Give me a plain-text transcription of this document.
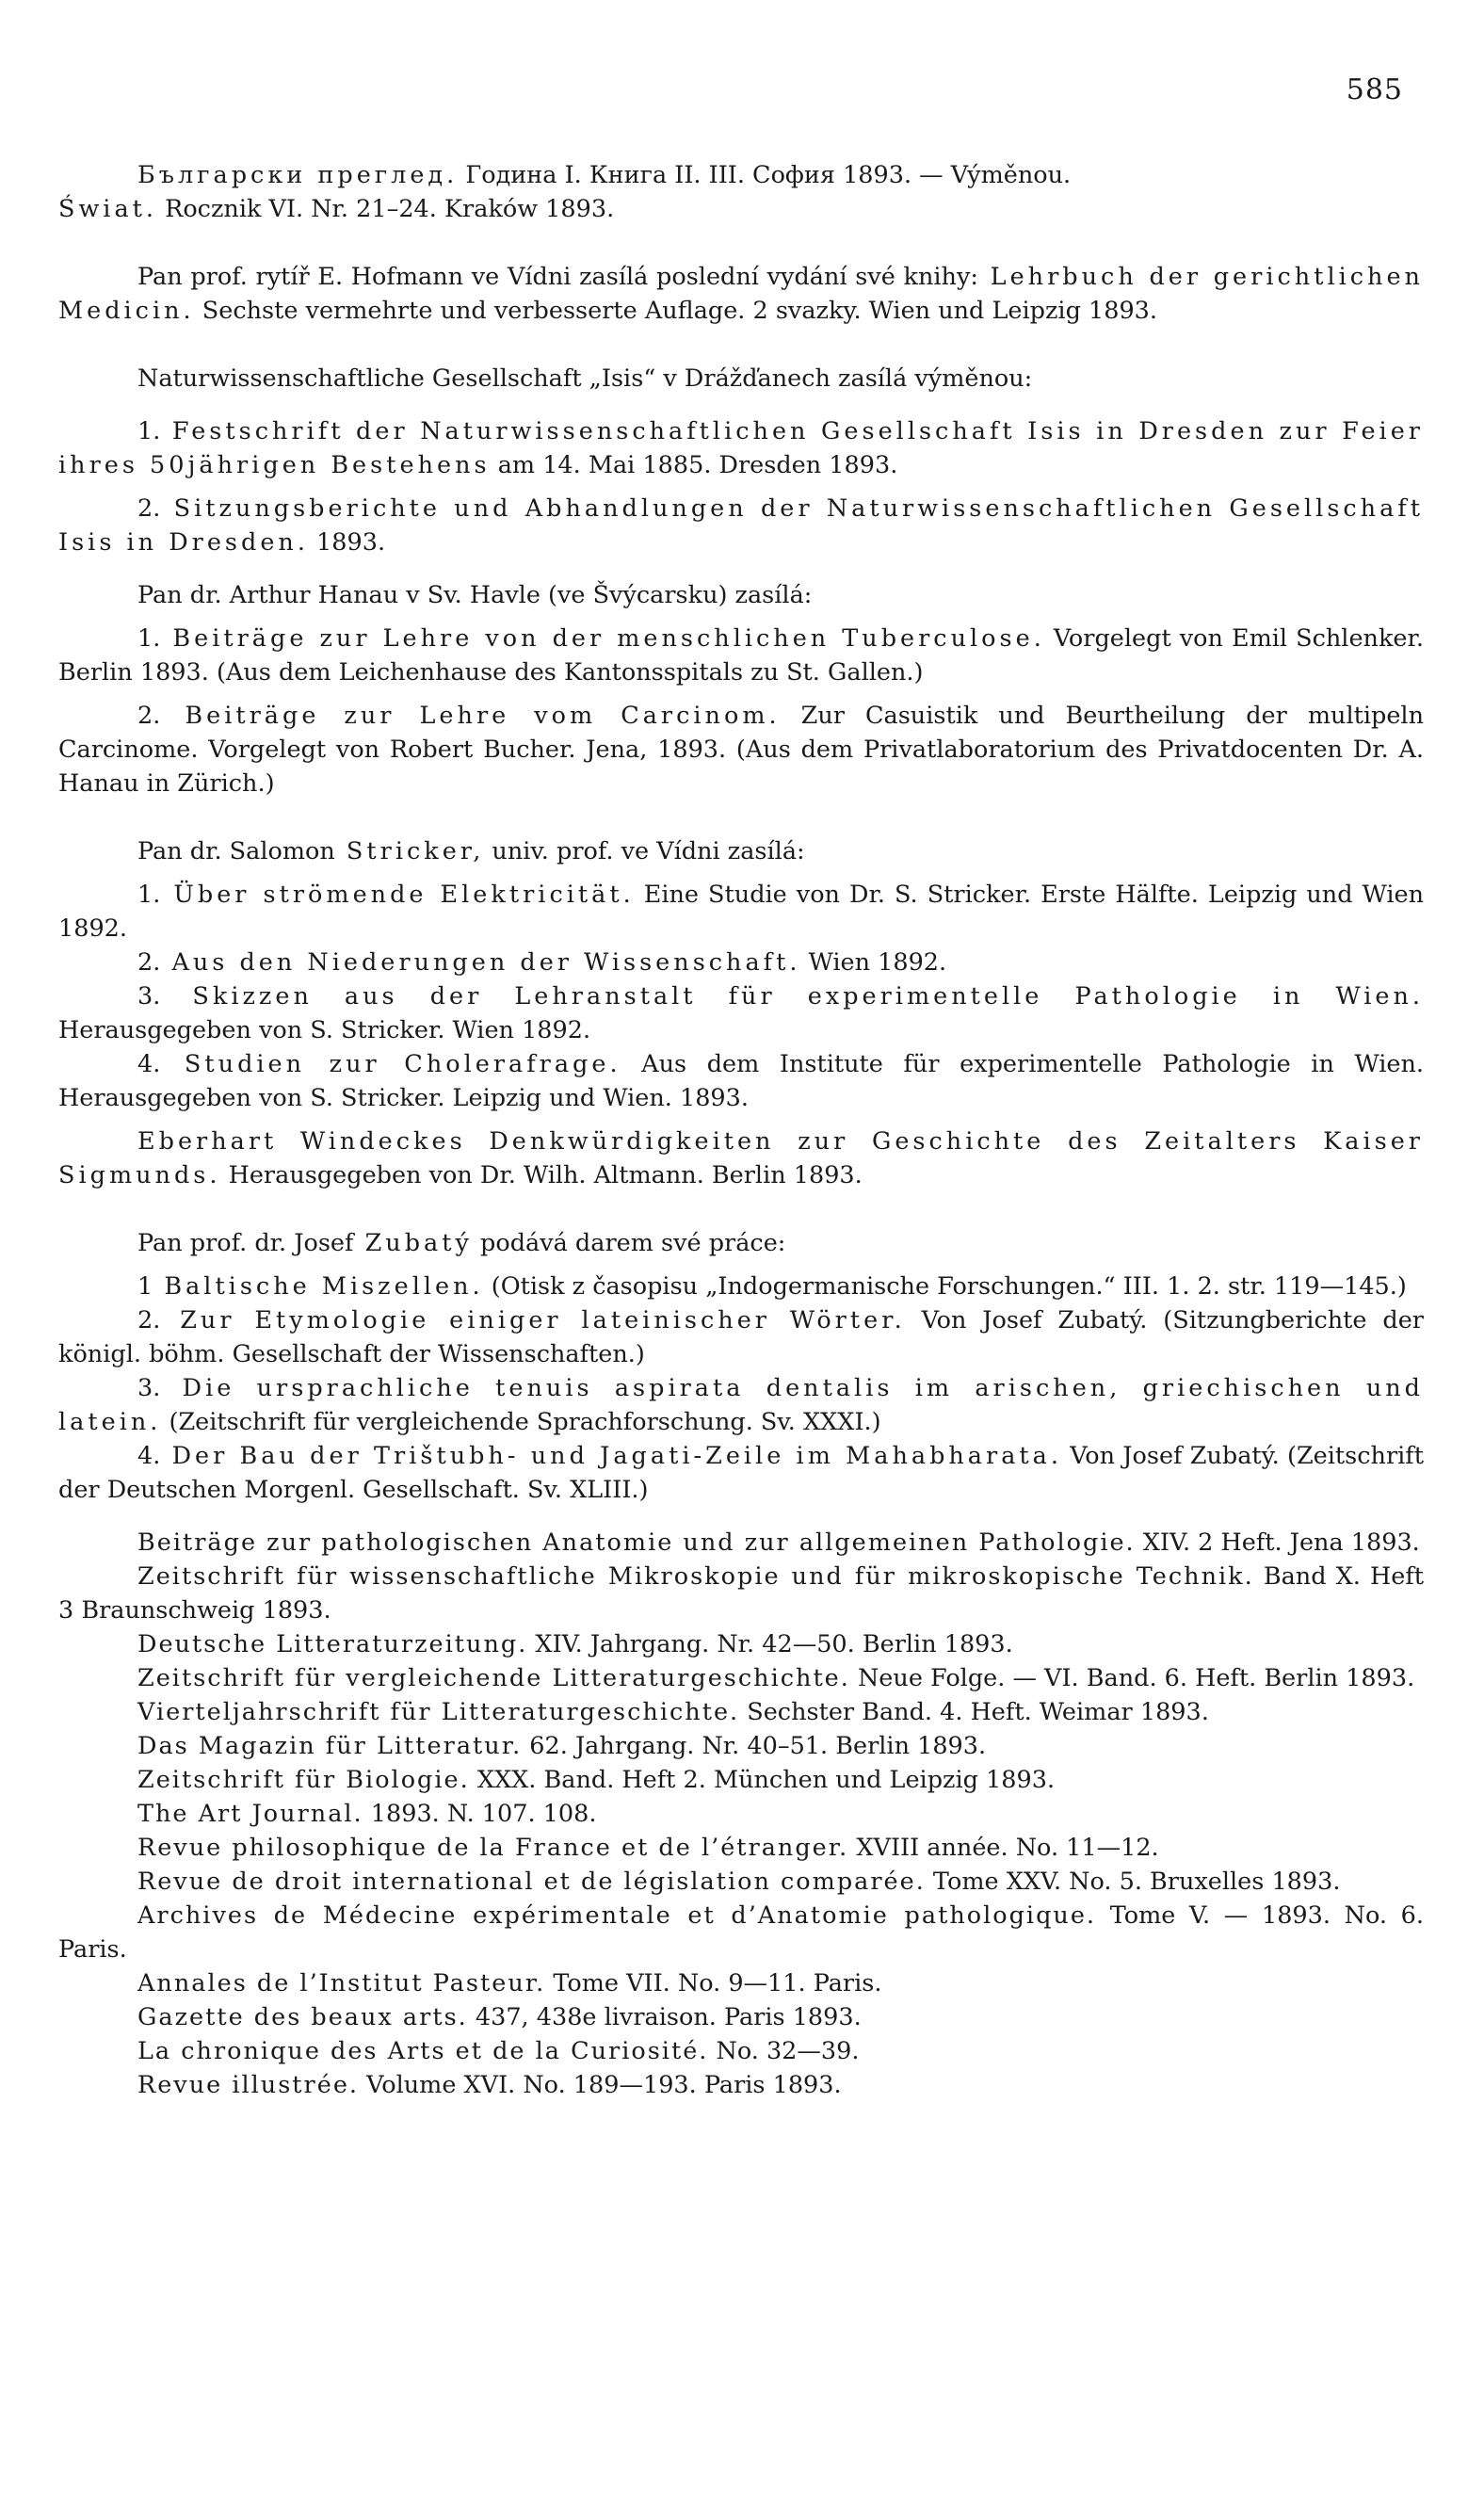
585

Български преглед. Година I. Книга II. III. София 1893. — Výměnou.

Świat. Rocznik VI. Nr. 21–24. Kraków 1893.

Pan prof. rytíř E. Hofmann ve Vídni zasílá poslední vydání své knihy: Lehrbuch der gerichtlichen Medicin. Sechste vermehrte und verbesserte Auflage. 2 svazky. Wien und Leipzig 1893.

Naturwissenschaftliche Gesellschaft „Isis“ v Drážďanech zasílá výměnou:

1. Festschrift der Naturwissenschaftlichen Gesellschaft Isis in Dresden zur Feier ihres 50jährigen Bestehens am 14. Mai 1885. Dresden 1893.

2. Sitzungsberichte und Abhandlungen der Naturwissenschaftlichen Gesellschaft Isis in Dresden. 1893.

Pan dr. Arthur Hanau v Sv. Havle (ve Švýcarsku) zasílá:

1. Beiträge zur Lehre von der menschlichen Tuberculose. Vorgelegt von Emil Schlenker. Berlin 1893. (Aus dem Leichenhause des Kantonsspitals zu St. Gallen.)

2. Beiträge zur Lehre vom Carcinom. Zur Casuistik und Beurtheilung der multipeln Carcinome. Vorgelegt von Robert Bucher. Jena, 1893. (Aus dem Privatlaboratorium des Privatdocenten Dr. A. Hanau in Zürich.)

Pan dr. Salomon Stricker, univ. prof. ve Vídni zasílá:

1. Über strömende Elektricität. Eine Studie von Dr. S. Stricker. Erste Hälfte. Leipzig und Wien 1892.

2. Aus den Niederungen der Wissenschaft. Wien 1892.

3. Skizzen aus der Lehranstalt für experimentelle Pathologie in Wien. Herausgegeben von S. Stricker. Wien 1892.

4. Studien zur Cholerafrage. Aus dem Institute für experimentelle Pathologie in Wien. Herausgegeben von S. Stricker. Leipzig und Wien. 1893.

Eberhart Windeckes Denkwürdigkeiten zur Geschichte des Zeitalters Kaiser Sigmunds. Herausgegeben von Dr. Wilh. Altmann. Berlin 1893.

Pan prof. dr. Josef Zubatý podává darem své práce:

1 Baltische Miszellen. (Otisk z časopisu „Indogermanische Forschungen.“ III. 1. 2. str. 119—145.)

2. Zur Etymologie einiger lateinischer Wörter. Von Josef Zubatý. (Sitzungberichte der königl. böhm. Gesellschaft der Wissenschaften.)

3. Die ursprachliche tenuis aspirata dentalis im arischen, griechischen und latein. (Zeitschrift für vergleichende Sprachforschung. Sv. XXXI.)

4. Der Bau der Trištubh- und Jagati-Zeile im Mahabharata. Von Josef Zubatý. (Zeitschrift der Deutschen Morgenl. Gesellschaft. Sv. XLIII.)

Beiträge zur pathologischen Anatomie und zur allgemeinen Pathologie. XIV. 2 Heft. Jena 1893.

Zeitschrift für wissenschaftliche Mikroskopie und für mikroskopische Technik. Band X. Heft 3 Braunschweig 1893.

Deutsche Litteraturzeitung. XIV. Jahrgang. Nr. 42—50. Berlin 1893.

Zeitschrift für vergleichende Litteraturgeschichte. Neue Folge. — VI. Band. 6. Heft. Berlin 1893.

Vierteljahrschrift für Litteraturgeschichte. Sechster Band. 4. Heft. Weimar 1893.

Das Magazin für Litteratur. 62. Jahrgang. Nr. 40–51. Berlin 1893.

Zeitschrift für Biologie. XXX. Band. Heft 2. München und Leipzig 1893.

The Art Journal. 1893. N. 107. 108.

Revue philosophique de la France et de l’étranger. XVIII année. No. 11—12.

Revue de droit international et de législation comparée. Tome XXV. No. 5. Bruxelles 1893.

Archives de Médecine expérimentale et d’Anatomie pathologique. Tome V. — 1893. No. 6. Paris.

Annales de l’Institut Pasteur. Tome VII. No. 9—11. Paris.

Gazette des beaux arts. 437, 438e livraison. Paris 1893.

La chronique des Arts et de la Curiosité. No. 32—39.

Revue illustrée. Volume XVI. No. 189—193. Paris 1893.
